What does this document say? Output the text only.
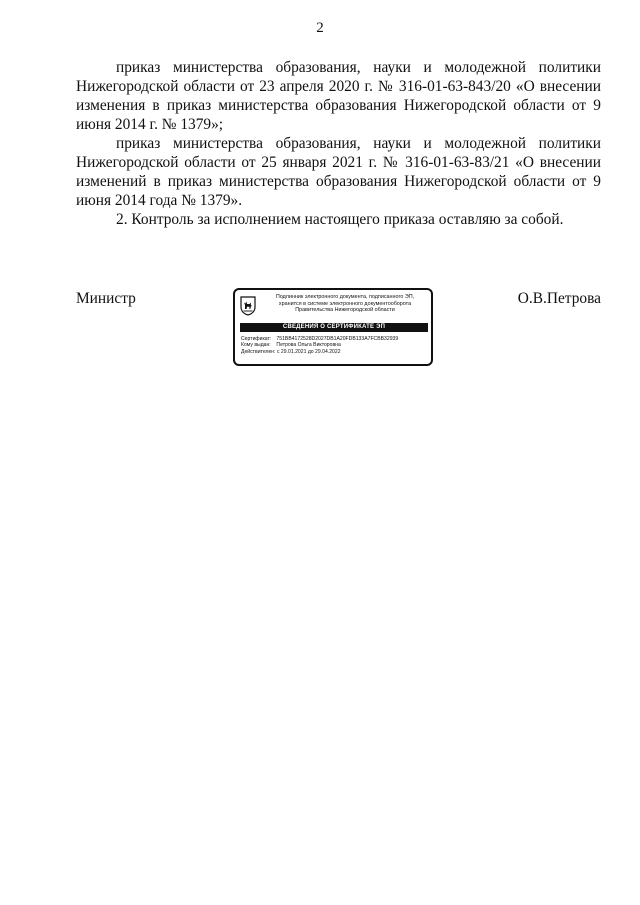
2

приказ министерства образования, науки и молодежной политики Нижегородской области от 23 апреля 2020 г. № 316-01-63-843/20 «О внесении изменения в приказ министерства образования Нижегородской области от 9 июня 2014 г. № 1379»;

приказ министерства образования, науки и молодежной политики Нижегородской области от 25 января 2021 г. № 316-01-63-83/21 «О внесении изменений в приказ министерства образования Нижегородской области от 9 июня 2014 года № 1379».

2. Контроль за исполнением настоящего приказа оставляю за собой.

Министр	Подлинник электронного документа, подписанного ЭП,
хранится в системе электронного документооборота
Правительства Нижегородской области
СВЕДЕНИЯ О СЕРТИФИКАТЕ ЭП
Сертификат: 751BB4172528D2027DB1A20FDB133A7FCBB32939
Кому выдан: Петрова Ольга Викторовна
Действителен: с 29.01.2021 до 29.04.2022
О.В.Петрова
